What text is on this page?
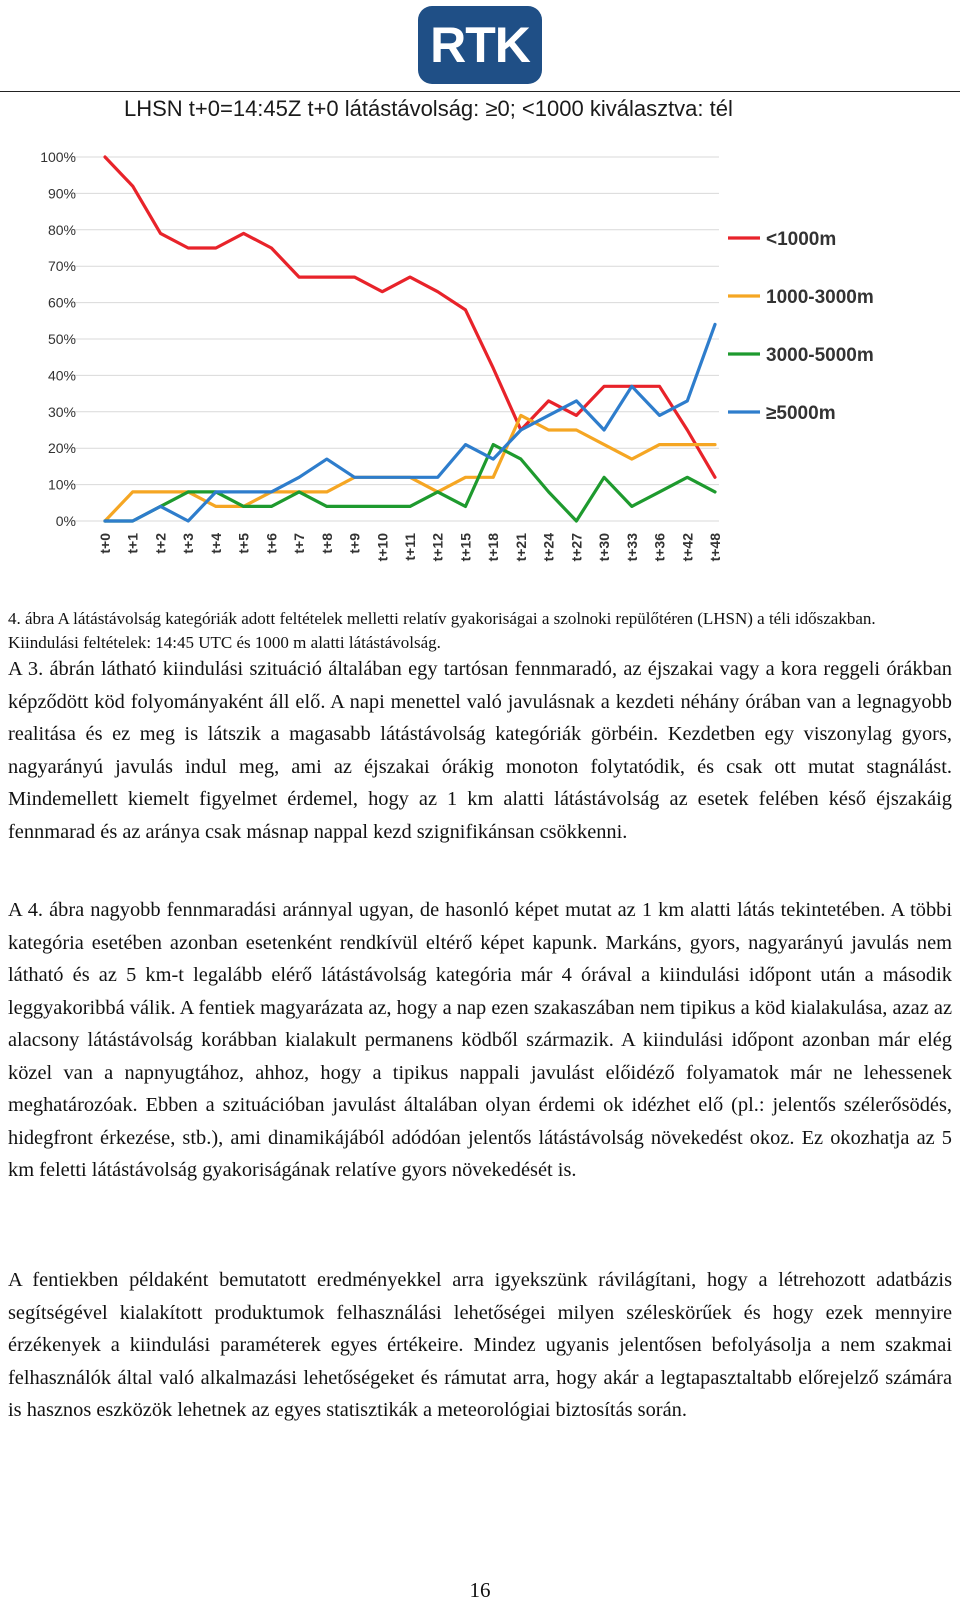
RTK
LHSN t+0=14:45Z t+0 látástávolság: ≥0; <1000 kiválasztva: tél
0%
10%
20%
30%
40%
50%
60%
70%
80%
90%
100%
t+0 t+1 t+2 t+3 t+4 t+5 t+6 t+7 t+8 t+9 t+10 t+11 t+12 t+15 t+18 t+21 t+24 t+27 t+30 t+33 t+36 t+42 t+48
<1000m
1000-3000m
3000-5000m
≥5000m
4. ábra A látástávolság kategóriák adott feltételek melletti relatív gyakoriságai a szolnoki repülőtéren (LHSN) a téli időszakban. Kiindulási feltételek: 14:45 UTC és 1000 m alatti látástávolság.

A 3. ábrán látható kiindulási szituáció általában egy tartósan fennmaradó, az éjszakai vagy a kora reggeli órákban képződött köd folyományaként áll elő. A napi menettel való javulásnak a kezdeti néhány órában van a legnagyobb realitása és ez meg is látszik a magasabb látástávolság kategóriák görbéin. Kezdetben egy viszonylag gyors, nagyarányú javulás indul meg, ami az éjszakai órákig monoton folytatódik, és csak ott mutat stagnálást. Mindemellett kiemelt figyelmet érdemel, hogy az 1 km alatti látástávolság az esetek felében késő éjszakáig fennmarad és az aránya csak másnap nappal kezd szignifikánsan csökkenni.

A 4. ábra nagyobb fennmaradási aránnyal ugyan, de hasonló képet mutat az 1 km alatti látás tekintetében. A többi kategória esetében azonban esetenként rendkívül eltérő képet kapunk. Markáns, gyors, nagyarányú javulás nem látható és az 5 km-t legalább elérő látástávolság kategória már 4 órával a kiindulási időpont után a második leggyakoribbá válik. A fentiek magyarázata az, hogy a nap ezen szakaszában nem tipikus a köd kialakulása, azaz az alacsony látástávolság korábban kialakult permanens ködből származik. A kiindulási időpont azonban már elég közel van a napnyugtához, ahhoz, hogy a tipikus nappali javulást előidéző folyamatok már ne lehessenek meghatározóak. Ebben a szituációban javulást általában olyan érdemi ok idézhet elő (pl.: jelentős szélerősödés, hidegfront érkezése, stb.), ami dinamikájából adódóan jelentős látástávolság növekedést okoz. Ez okozhatja az 5 km feletti látástávolság gyakoriságának relatíve gyors növekedését is.

A fentiekben példaként bemutatott eredményekkel arra igyekszünk rávilágítani, hogy a létrehozott adatbázis segítségével kialakított produktumok felhasználási lehetőségei milyen széleskörűek és hogy ezek mennyire érzékenyek a kiindulási paraméterek egyes értékeire. Mindez ugyanis jelentősen befolyásolja a nem szakmai felhasználók által való alkalmazási lehetőségeket és rámutat arra, hogy akár a legtapasztaltabb előrejelző számára is hasznos eszközök lehetnek az egyes statisztikák a meteorológiai biztosítás során.

16
